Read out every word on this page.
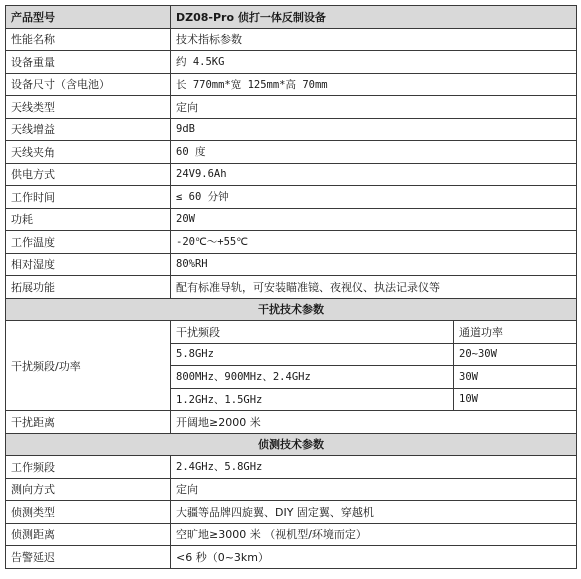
产品型号	DZ08-Pro 侦打一体反制设备	
性能名称	技术指标参数	
设备重量	约 4.5KG	
设备尺寸（含电池）	长 770mm*宽 125mm*高 70mm	
天线类型	定向	
天线增益	9dB	
天线夹角	60 度	
供电方式	24V9.6Ah	
工作时间	≤ 60 分钟	
功耗	20W	
工作温度	-20℃～+55℃	
相对湿度	80%RH	
拓展功能	配有标准导轨，可安装瞄准镜、夜视仪、执法记录仪等	
干扰技术参数		
干扰频段/功率	干扰频段	通道功率
	5.8GHz	20~30W
	800MHz、900MHz、2.4GHz	30W
	1.2GHz、1.5GHz	10W
干扰距离	开阔地≥2000 米	
侦测技术参数		
工作频段	2.4GHz、5.8GHz	
测向方式	定向	
侦测类型	大疆等品牌四旋翼、DIY 固定翼、穿越机	
侦测距离	空旷地≥3000 米 （视机型/环境而定）	
告警延迟	<6 秒（0~3km）	
